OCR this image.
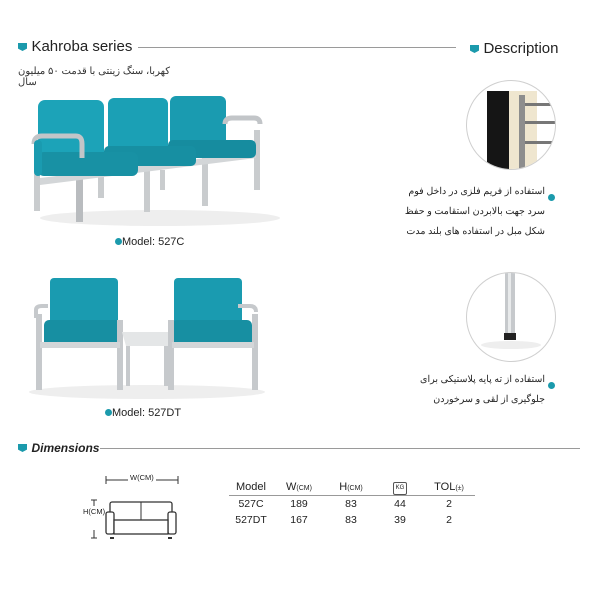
Kahroba series
کهربا، سنگ زینتی با قدمت ۵۰ میلیون سال
Description
Model: 527C
Model: 527DT
استفاده از فریم فلزی در داخل فوم
سرد جهت بالابردن استقامت و حفظ
شکل مبل در استفاده های بلند مدت
استفاده از ته پایه پلاستیکی برای
جلوگیری از لقی و سرخوردن
Dimensions
W(CM)
H(CM)
Model	W(CM)	H(CM)	KG	TOL(±)
527C	189	83	44	2
527DT	167	83	39	2
